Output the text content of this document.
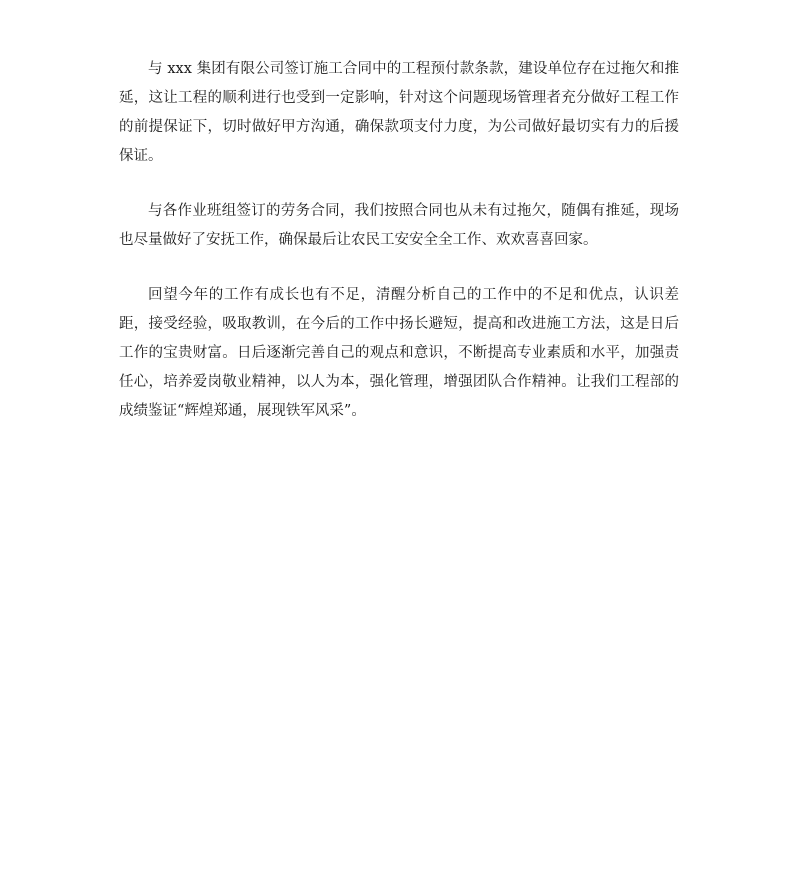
与 xxx 集团有限公司签订施工合同中的工程预付款条款，建设单位存在过拖欠和推延，这让工程的顺利进行也受到一定影响，针对这个问题现场管理者充分做好工程工作的前提保证下，切时做好甲方沟通，确保款项支付力度，为公司做好最切实有力的后援保证。

与各作业班组签订的劳务合同，我们按照合同也从未有过拖欠，随偶有推延，现场也尽量做好了安抚工作，确保最后让农民工安安全全工作、欢欢喜喜回家。

回望今年的工作有成长也有不足，清醒分析自己的工作中的不足和优点，认识差距，接受经验，吸取教训，在今后的工作中扬长避短，提高和改进施工方法，这是日后工作的宝贵财富。日后逐渐完善自己的观点和意识，不断提高专业素质和水平，加强责任心，培养爱岗敬业精神，以人为本，强化管理，增强团队合作精神。让我们工程部的成绩鉴证“辉煌郑通，展现铁军风采”。
